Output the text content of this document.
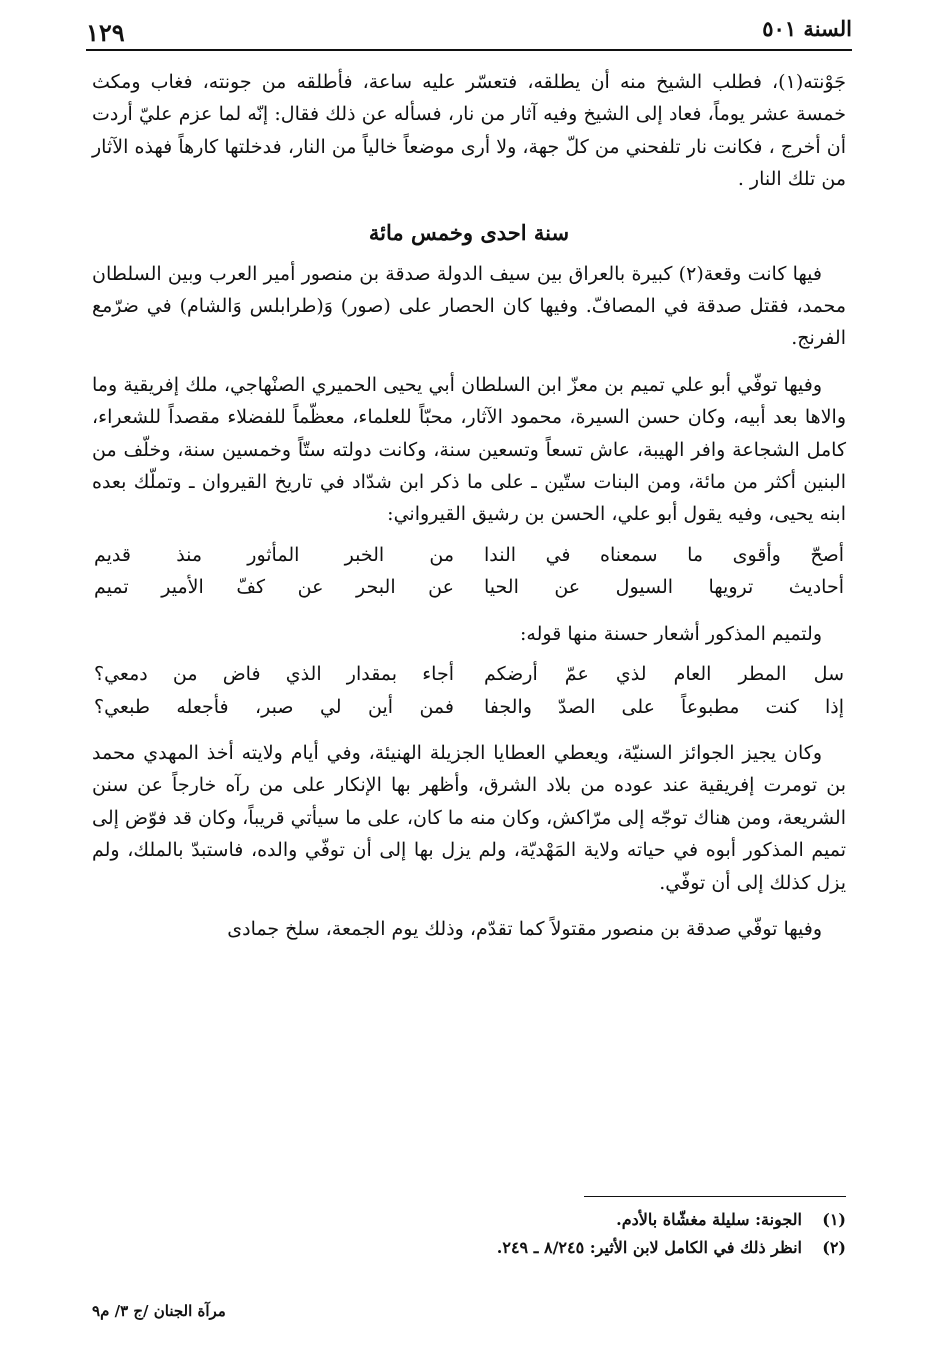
السنة ٥٠١
١٢٩

جَوْنته(١)، فطلب الشيخ منه أن يطلقه، فتعسّر عليه ساعة، فأطلقه من جونته، فغاب ومكث خمسة عشر يوماً، فعاد إلى الشيخ وفيه آثار من نار، فسأله عن ذلك فقال: إنّه لما عزم عليّ أردت أن أخرج ، فكانت نار تلفحني من كلّ جهة، ولا أرى موضعاً خالياً من النار، فدخلتها كارهاً فهذه الآثار من تلك النار .

سنة احدى وخمس مائة

فيها كانت وقعة(٢) كبيرة بالعراق بين سيف الدولة صدقة بن منصور أمير العرب وبين السلطان محمد، فقتل صدقة في المصافّ. وفيها كان الحصار على (صور) وَ(طرابلس وَالشام) في ضرّمع الفرنج.

وفيها توفّي أبو علي تميم بن معزّ ابن السلطان أبي يحيى الحميري الصنْهاجي، ملك إفريقية وما والاها بعد أبيه، وكان حسن السيرة، محمود الآثار، محبّاً للعلماء، معظّماً للفضلاء مقصداً للشعراء، كامل الشجاعة وافر الهيبة، عاش تسعاً وتسعين سنة، وكانت دولته ستّاً وخمسين سنة، وخلّف من البنين أكثر من مائة، ومن البنات ستّين ـ على ما ذكر ابن شدّاد في تاريخ القيروان ـ وتملّك بعده ابنه يحيى، وفيه يقول أبو علي، الحسن بن رشيق القيرواني:

أصحّ وأقوى ما سمعناه في الندا
من الخبر المأثور منذ قديم
أحاديث ترويها السيول عن الحيا
عن البحر عن كفّ الأمير تميم

ولتميم المذكور أشعار حسنة منها قوله:

سل المطر العام لذي عمّ أرضكم
أجاء بمقدار الذي فاض من دمعي؟
إذا كنت مطبوعاً على الصدّ والجفا
فمن أين لي صبر، فأجعله طبعي؟

وكان يجيز الجوائز السنيّة، ويعطي العطايا الجزيلة الهنيئة، وفي أيام ولايته أخذ المهدي محمد بن تومرت إفريقية عند عوده من بلاد الشرق، وأظهر بها الإنكار على من رآه خارجاً عن سنن الشريعة، ومن هناك توجّه إلى مرّاكش، وكان منه ما كان، على ما سيأتي قريباً، وكان قد فوّض إلى تميم المذكور أبوه في حياته ولاية المَهْديّة، ولم يزل بها إلى أن توفّي والده، فاستبدّ بالملك، ولم يزل كذلك إلى أن توفّي.

وفيها توفّي صدقة بن منصور مقتولاً كما تقدّم، وذلك يوم الجمعة، سلخ جمادى

(١)
الجونة: سليلة مغشّاة بالأدم.
(٢)
انظر ذلك في الكامل لابن الأثير: ٨/٢٤٥ ـ ٢٤٩.
مرآة الجنان /ج ٣/ م٩
